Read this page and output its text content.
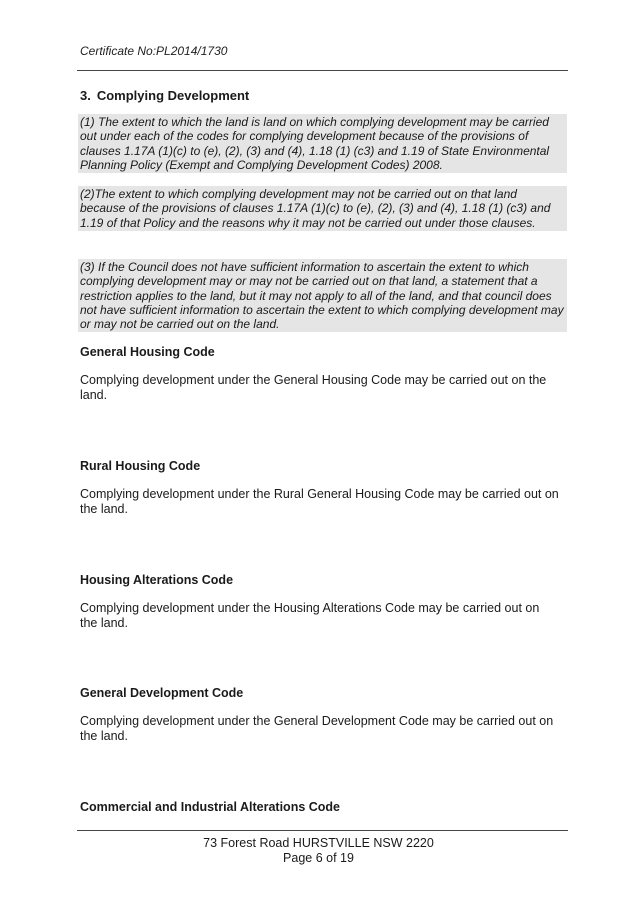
Certificate No:PL2014/1730
3. Complying Development
(1) The extent to which the land is land on which complying development may be carried out under each of the codes for complying development because of the provisions of clauses 1.17A (1)(c) to (e), (2), (3) and (4), 1.18 (1) (c3) and 1.19 of State Environmental Planning Policy (Exempt and Complying Development Codes) 2008.
(2)The extent to which complying development may not be carried out on that land because of the provisions of clauses 1.17A (1)(c) to (e), (2), (3) and (4), 1.18 (1) (c3) and 1.19 of that Policy and the reasons why it may not be carried out under those clauses.
(3) If the Council does not have sufficient information to ascertain the extent to which complying development may or may not be carried out on that land, a statement that a restriction applies to the land, but it may not apply to all of the land, and that council does not have sufficient information to ascertain the extent to which complying development may or may not be carried out on the land.
General Housing Code
Complying development under the General Housing Code may be carried out on the land.
Rural Housing Code
Complying development under the Rural General Housing Code may be carried out on the land.
Housing Alterations Code
Complying development under the Housing Alterations Code may be carried out on the land.
General Development Code
Complying development under the General Development Code may be carried out on the land.
Commercial and Industrial Alterations Code
73 Forest Road HURSTVILLE NSW 2220
Page 6 of 19
